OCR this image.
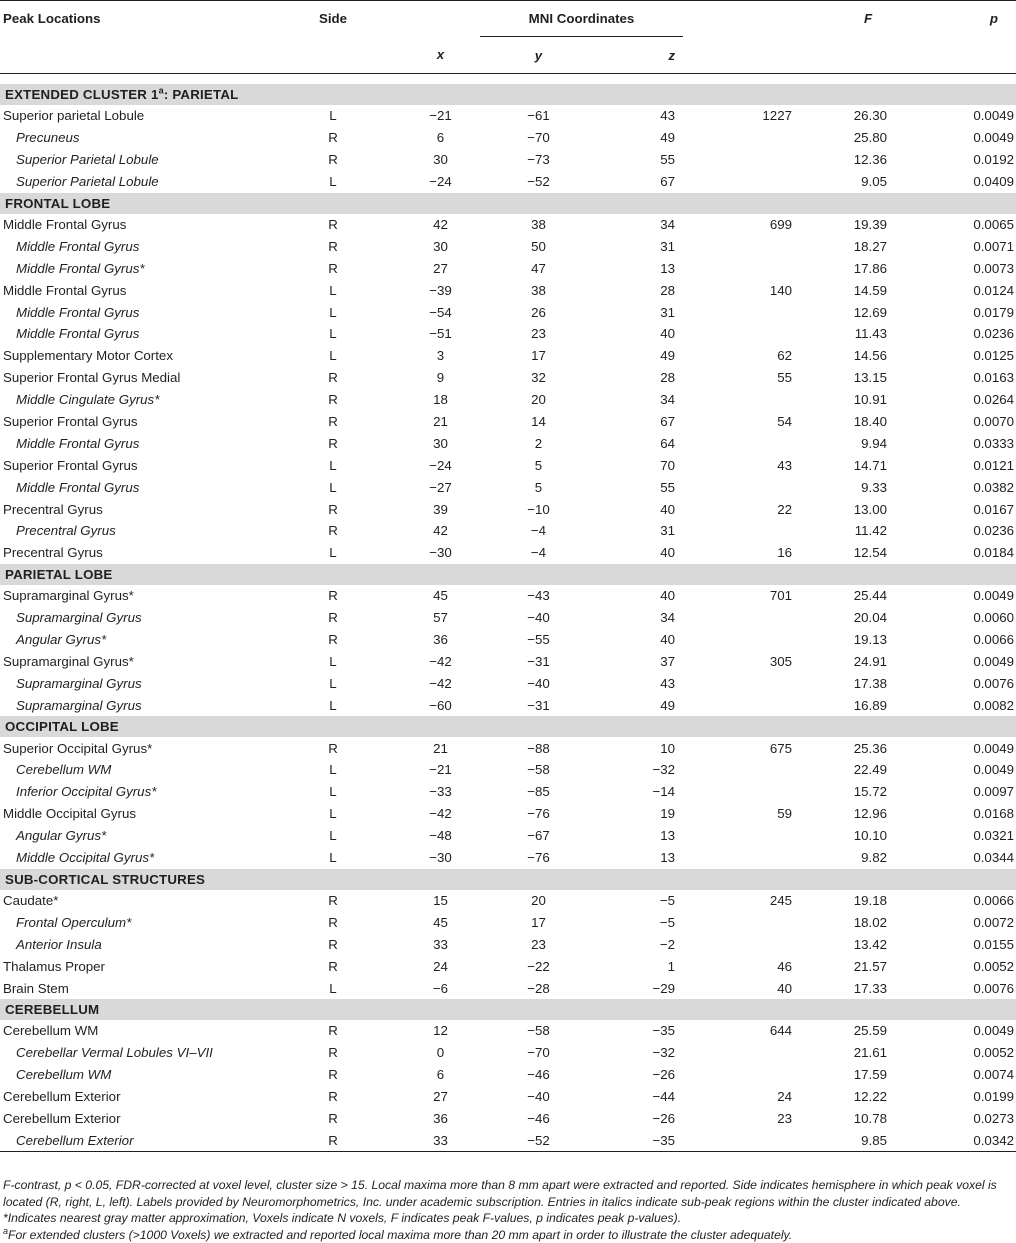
Peak Locations	Side		MNI Coordinates			F	p
		x	y	z			

EXTENDED CLUSTER 1$^a$: PARIETAL							
Superior parietal Lobule	L	−21	−61	43	1227	26.30	0.0049
Precuneus	R	6	−70	49		25.80	0.0049
Superior Parietal Lobule	R	30	−73	55		12.36	0.0192
Superior Parietal Lobule	L	−24	−52	67		9.05	0.0409
FRONTAL LOBE							
Middle Frontal Gyrus	R	42	38	34	699	19.39	0.0065
Middle Frontal Gyrus	R	30	50	31		18.27	0.0071
Middle Frontal Gyrus*	R	27	47	13		17.86	0.0073
Middle Frontal Gyrus	L	−39	38	28	140	14.59	0.0124
Middle Frontal Gyrus	L	−54	26	31		12.69	0.0179
Middle Frontal Gyrus	L	−51	23	40		11.43	0.0236
Supplementary Motor Cortex	L	3	17	49	62	14.56	0.0125
Superior Frontal Gyrus Medial	R	9	32	28	55	13.15	0.0163
Middle Cingulate Gyrus*	R	18	20	34		10.91	0.0264
Superior Frontal Gyrus	R	21	14	67	54	18.40	0.0070
Middle Frontal Gyrus	R	30	2	64		9.94	0.0333
Superior Frontal Gyrus	L	−24	5	70	43	14.71	0.0121
Middle Frontal Gyrus	L	−27	5	55		9.33	0.0382
Precentral Gyrus	R	39	−10	40	22	13.00	0.0167
Precentral Gyrus	R	42	−4	31		11.42	0.0236
Precentral Gyrus	L	−30	−4	40	16	12.54	0.0184
PARIETAL LOBE							
Supramarginal Gyrus*	R	45	−43	40	701	25.44	0.0049
Supramarginal Gyrus	R	57	−40	34		20.04	0.0060
Angular Gyrus*	R	36	−55	40		19.13	0.0066
Supramarginal Gyrus*	L	−42	−31	37	305	24.91	0.0049
Supramarginal Gyrus	L	−42	−40	43		17.38	0.0076
Supramarginal Gyrus	L	−60	−31	49		16.89	0.0082
OCCIPITAL LOBE							
Superior Occipital Gyrus*	R	21	−88	10	675	25.36	0.0049
Cerebellum WM	L	−21	−58	−32		22.49	0.0049
Inferior Occipital Gyrus*	L	−33	−85	−14		15.72	0.0097
Middle Occipital Gyrus	L	−42	−76	19	59	12.96	0.0168
Angular Gyrus*	L	−48	−67	13		10.10	0.0321
Middle Occipital Gyrus*	L	−30	−76	13		9.82	0.0344
SUB-CORTICAL STRUCTURES							
Caudate*	R	15	20	−5	245	19.18	0.0066
Frontal Operculum*	R	45	17	−5		18.02	0.0072
Anterior Insula	R	33	23	−2		13.42	0.0155
Thalamus Proper	R	24	−22	1	46	21.57	0.0052
Brain Stem	L	−6	−28	−29	40	17.33	0.0076
CEREBELLUM							
Cerebellum WM	R	12	−58	−35	644	25.59	0.0049
Cerebellar Vermal Lobules VI–VII	R	0	−70	−32		21.61	0.0052
Cerebellum WM	R	6	−46	−26		17.59	0.0074
Cerebellum Exterior	R	27	−40	−44	24	12.22	0.0199
Cerebellum Exterior	R	36	−46	−26	23	10.78	0.0273
Cerebellum Exterior	R	33	−52	−35		9.85	0.0342

F-contrast, p < 0.05, FDR-corrected at voxel level, cluster size > 15. Local maxima more than 8 mm apart were extracted and reported. Side indicates hemisphere in which peak voxel is located (R, right, L, left). Labels provided by Neuromorphometrics, Inc. under academic subscription. Entries in italics indicate sub-peak regions within the cluster indicated above.

*Indicates nearest gray matter approximation, Voxels indicate N voxels, F indicates peak F-values, p indicates peak p-values).

$^a$For extended clusters (>1000 Voxels) we extracted and reported local maxima more than 20 mm apart in order to illustrate the cluster adequately.
